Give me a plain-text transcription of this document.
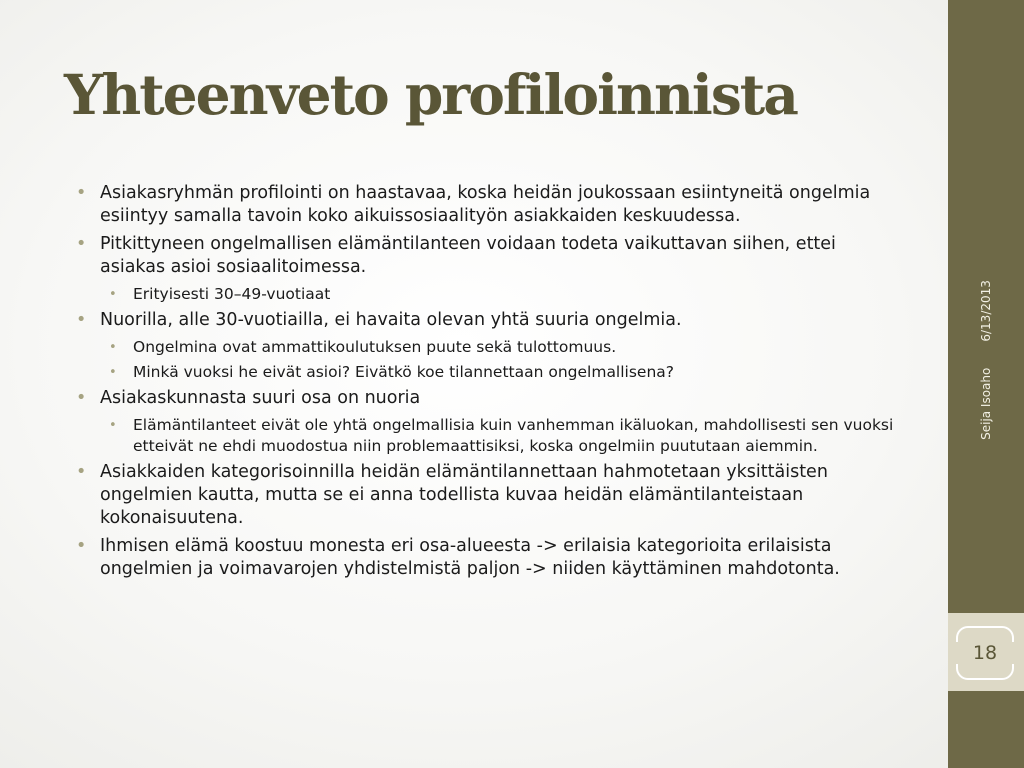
Yhteenveto profiloinnista
• Asiakasryhmän profilointi on haastavaa, koska heidän joukossaan esiintyneitä ongelmia esiintyy samalla tavoin koko aikuissosiaalityön asiakkaiden keskuudessa.
• Pitkittyneen ongelmallisen elämäntilanteen voidaan todeta vaikuttavan siihen, ettei asiakas asioi sosiaalitoimessa.
• Erityisesti 30–49-vuotiaat
• Nuorilla, alle 30-vuotiailla, ei havaita olevan yhtä suuria ongelmia.
• Ongelmina ovat ammattikoulutuksen puute sekä tulottomuus.
• Minkä vuoksi he eivät asioi? Eivätkö koe tilannettaan ongelmallisena?
• Asiakaskunnasta suuri osa on nuoria
• Elämäntilanteet eivät ole yhtä ongelmallisia kuin vanhemman ikäluokan, mahdollisesti sen vuoksi etteivät ne ehdi muodostua niin problemaattisiksi, koska ongelmiin puututaan aiemmin.
• Asiakkaiden kategorisoinnilla heidän elämäntilannettaan hahmotetaan yksittäisten ongelmien kautta, mutta se ei anna todellista kuvaa heidän elämäntilanteistaan kokonaisuutena.
• Ihmisen elämä koostuu monesta eri osa-alueesta -> erilaisia kategorioita erilaisista ongelmien ja voimavarojen yhdistelmistä paljon -> niiden käyttäminen mahdotonta.
Seija Isoaho6/13/2013
18
